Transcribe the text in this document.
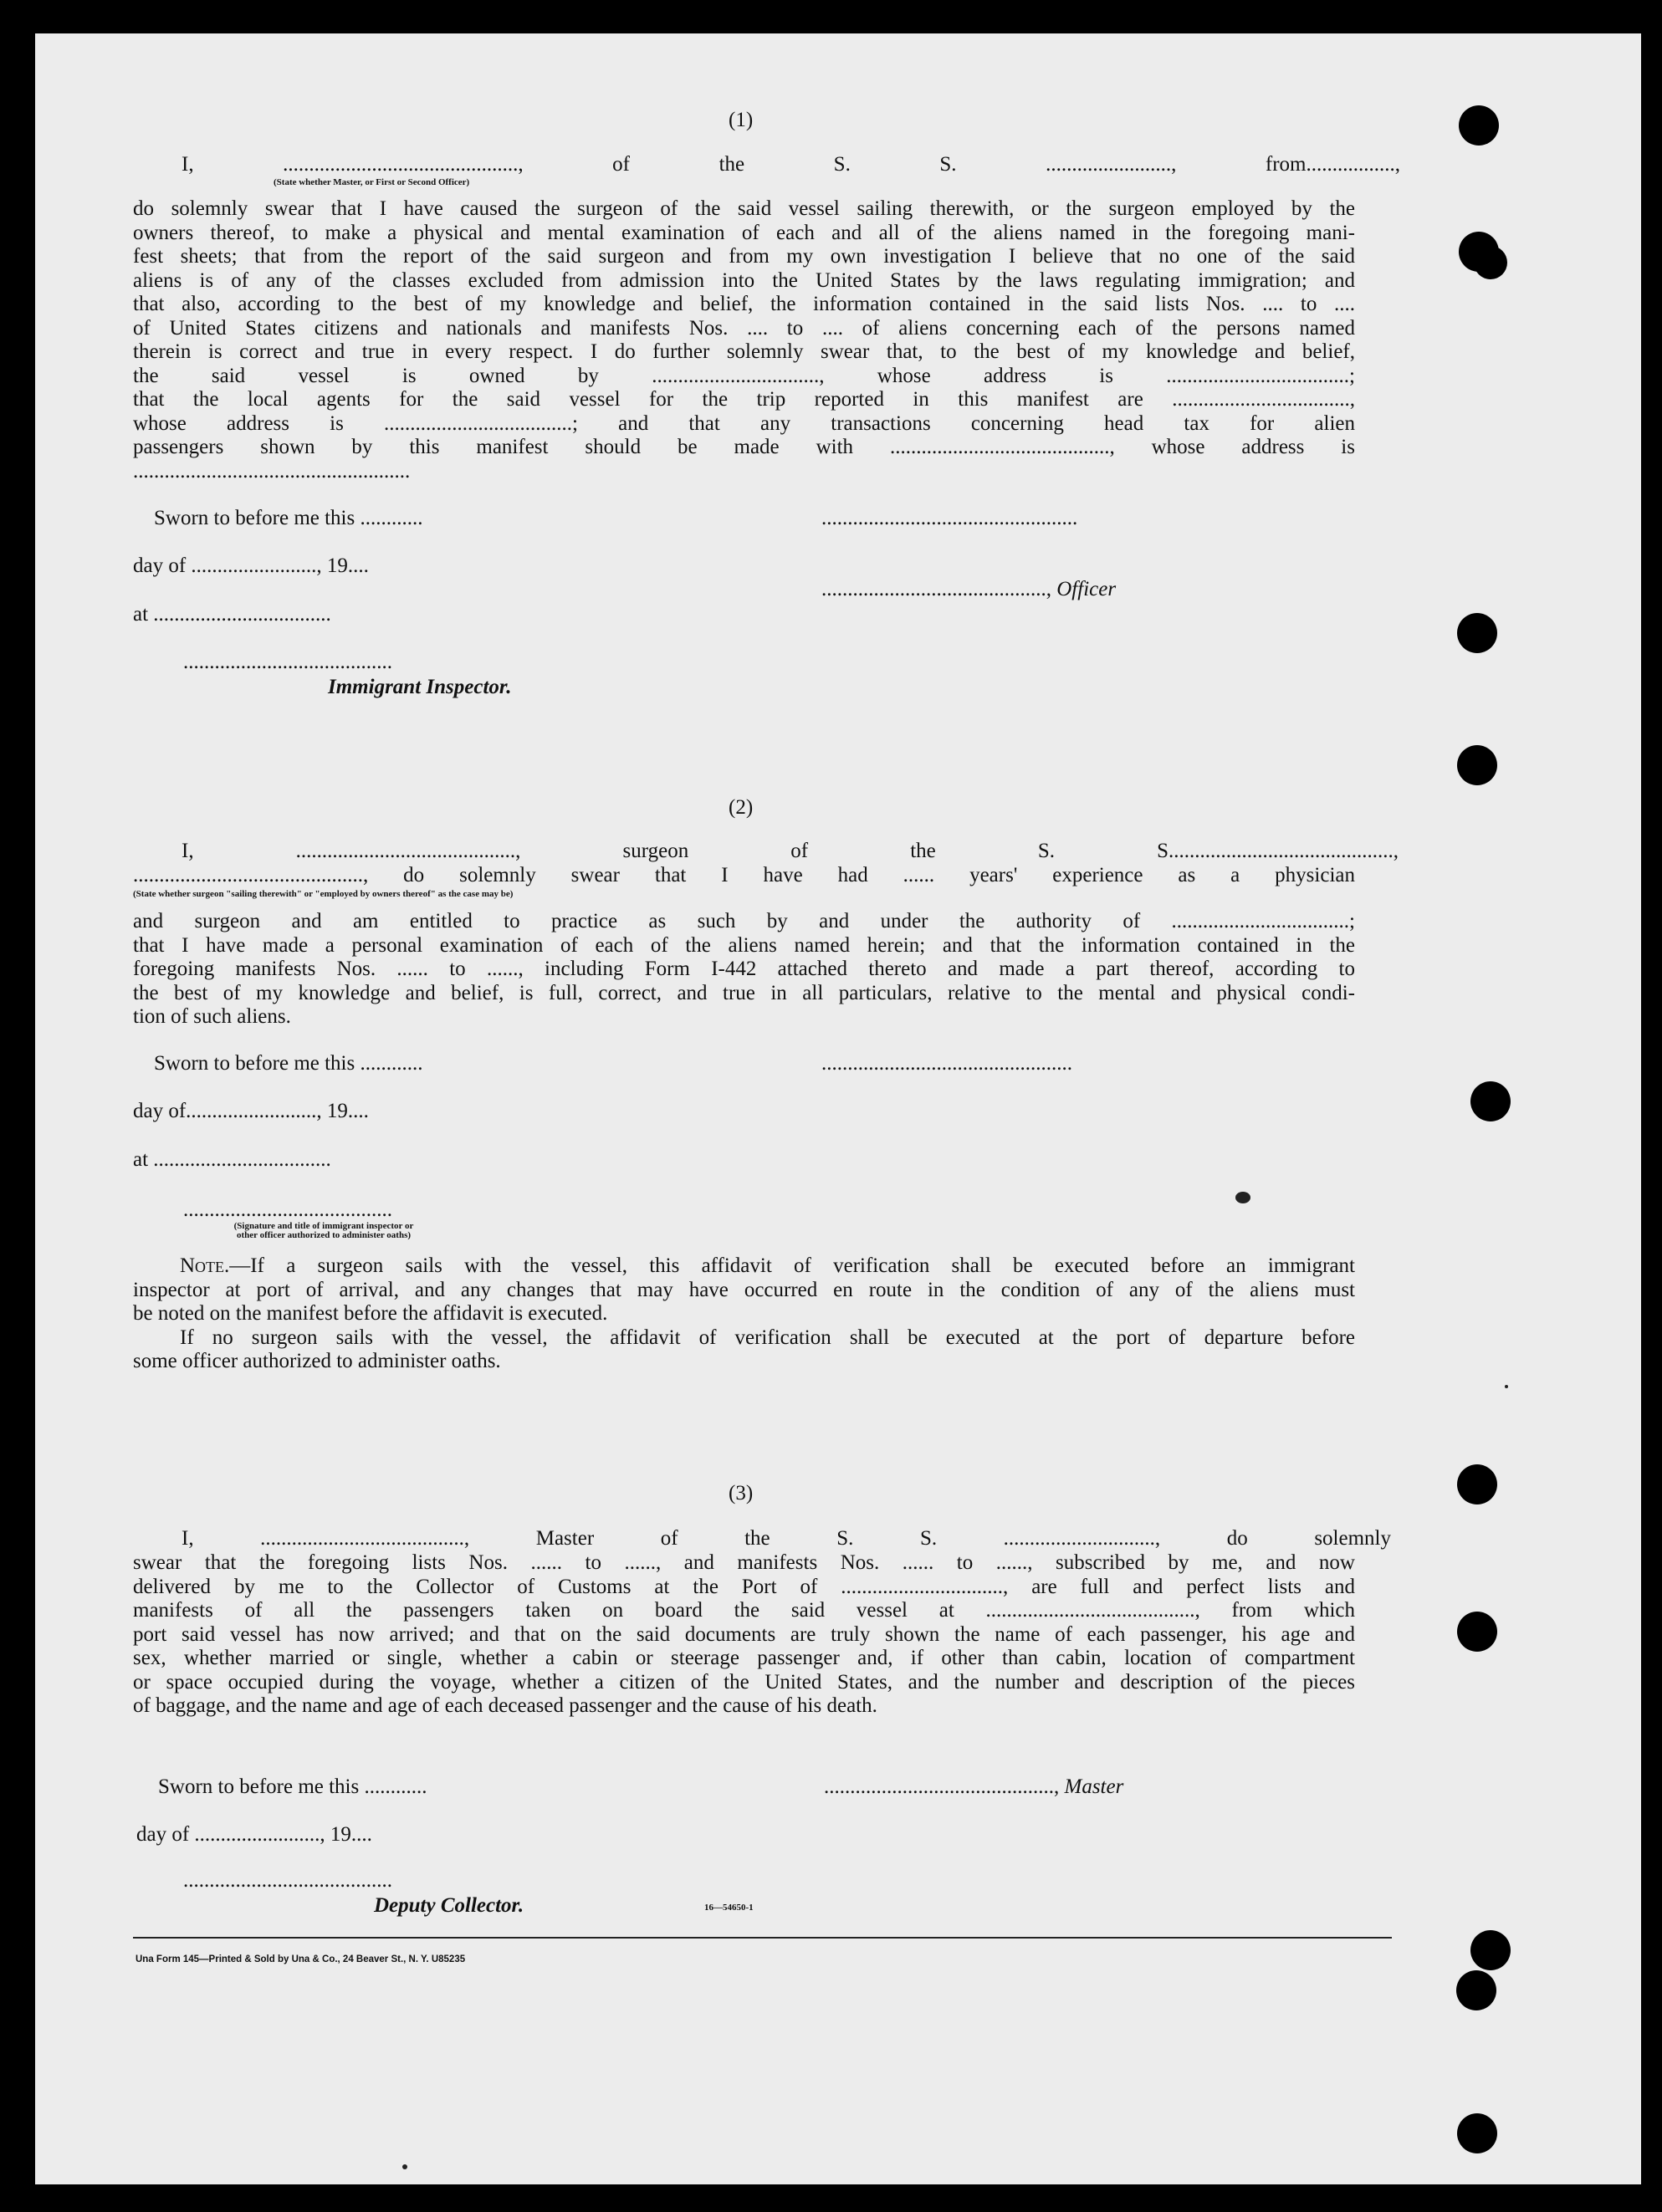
(1)
I, ............................................., of the S. S. ........................, from.................,
(State whether Master, or First or Second Officer)
do solemnly swear that I have caused the surgeon of the said vessel sailing therewith, or the surgeon employed by the
owners thereof, to make a physical and mental examination of each and all of the aliens named in the foregoing mani-
fest sheets; that from the report of the said surgeon and from my own investigation I believe that no one of the said
aliens is of any of the classes excluded from admission into the United States by the laws regulating immigration; and
that also, according to the best of my knowledge and belief, the information contained in the said lists Nos. .... to ....
of United States citizens and nationals and manifests Nos. .... to .... of aliens concerning each of the persons named
therein is correct and true in every respect. I do further solemnly swear that, to the best of my knowledge and belief,
the said vessel is owned by ................................, whose address is ...................................;
that the local agents for the said vessel for the trip reported in this manifest are ..................................,
whose address is ....................................; and that any transactions concerning head tax for alien
passengers shown by this manifest should be made with .........................................., whose address is
.....................................................
Sworn to before me this ............	.................................................
day of ........................, 19....
..........................................., Officer
at ..................................
........................................
Immigrant Inspector.
(2)
I, .........................................., surgeon of the S. S...........................................,
............................................, do solemnly swear that I have had ...... years' experience as a physician
(State whether surgeon "sailing therewith" or "employed by owners thereof" as the case may be)
and surgeon and am entitled to practice as such by and under the authority of ..................................;
that I have made a personal examination of each of the aliens named herein; and that the information contained in the
foregoing manifests Nos. ...... to ......, including Form I-442 attached thereto and made a part thereof, according to
the best of my knowledge and belief, is full, correct, and true in all particulars, relative to the mental and physical condi-
tion of such aliens.
Sworn to before me this ............	................................................
day of........................., 19....
at ..................................
........................................
(Signature and title of immigrant inspector or
other officer authorized to administer oaths)
Note.—If a surgeon sails with the vessel, this affidavit of verification shall be executed before an immigrant
inspector at port of arrival, and any changes that may have occurred en route in the condition of any of the aliens must
be noted on the manifest before the affidavit is executed.
If no surgeon sails with the vessel, the affidavit of verification shall be executed at the port of departure before
some officer authorized to administer oaths.
(3)
I, ......................................., Master of the S. S. ............................., do solemnly
swear that the foregoing lists Nos. ...... to ......, and manifests Nos. ...... to ......, subscribed by me, and now
delivered by me to the Collector of Customs at the Port of ..............................., are full and perfect lists and
manifests of all the passengers taken on board the said vessel at ........................................, from which
port said vessel has now arrived; and that on the said documents are truly shown the name of each passenger, his age and
sex, whether married or single, whether a cabin or steerage passenger and, if other than cabin, location of compartment
or space occupied during the voyage, whether a citizen of the United States, and the number and description of the pieces
of baggage, and the name and age of each deceased passenger and the cause of his death.
Sworn to before me this ............	............................................, Master
day of ........................, 19....
........................................
Deputy Collector.	16—54650-1
Una Form 145—Printed & Sold by Una & Co., 24 Beaver St., N. Y. U85235
